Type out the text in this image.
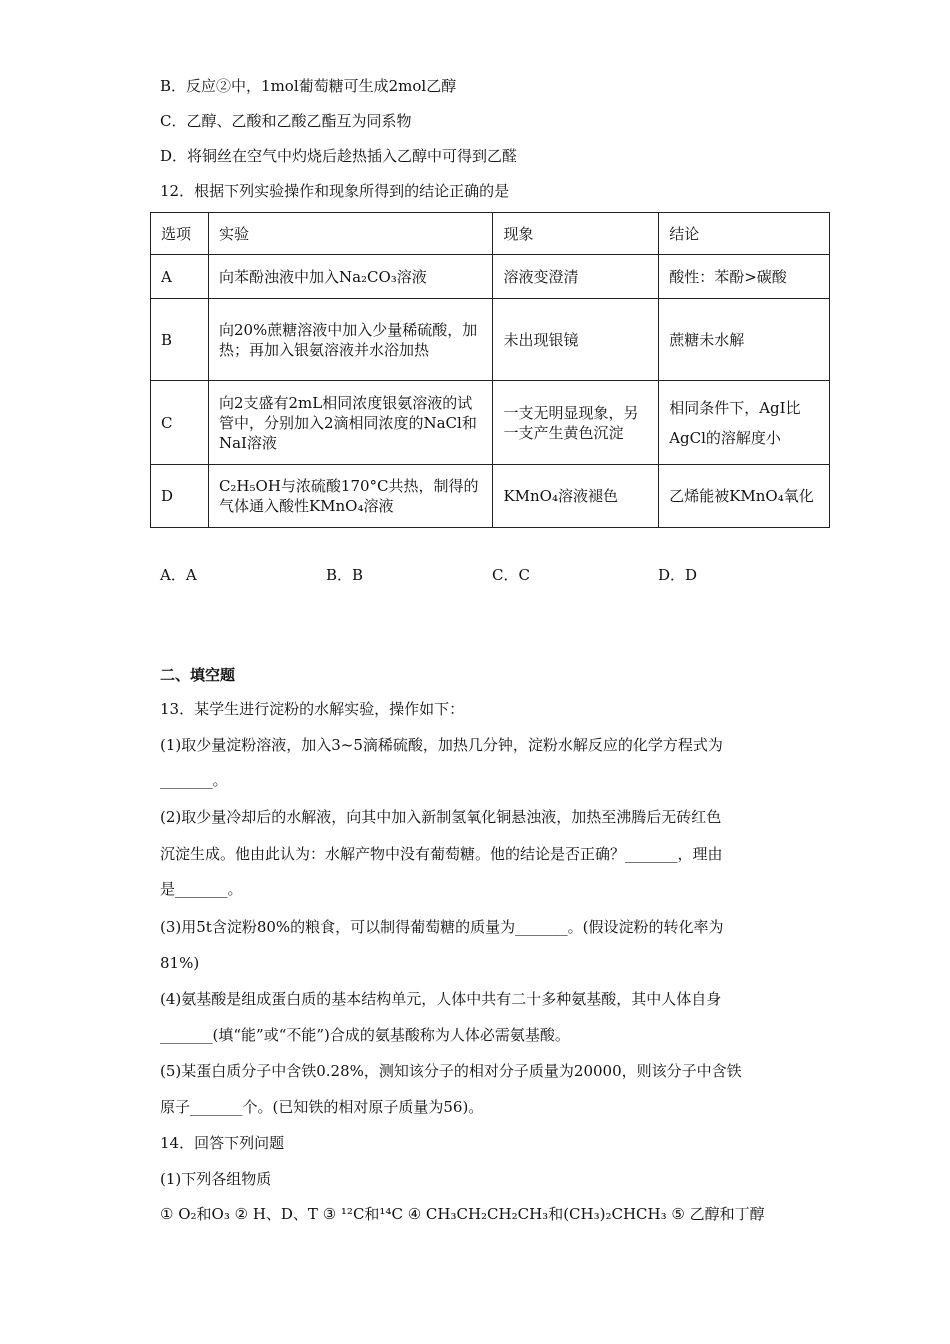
B．反应②中，1mol葡萄糖可生成2mol乙醇
C．乙醇、乙酸和乙酸乙酯互为同系物
D．将铜丝在空气中灼烧后趁热插入乙醇中可得到乙醛
12．根据下列实验操作和现象所得到的结论正确的是
选项	实验	现象	结论
A	向苯酚浊液中加入Na₂CO₃溶液	溶液变澄清	酸性：苯酚>碳酸
B	向20%蔗糖溶液中加入少量稀硫酸，加热；再加入银氨溶液并水浴加热	未出现银镜	蔗糖未水解
C	向2支盛有2mL相同浓度银氨溶液的试管中，分别加入2滴相同浓度的NaCl和NaI溶液	一支无明显现象，另一支产生黄色沉淀	相同条件下，AgI比AgCl的溶解度小
D	C₂H₅OH与浓硫酸170°C共热，制得的气体通入酸性KMnO₄溶液	KMnO₄溶液褪色	乙烯能被KMnO₄氧化
A．A	B．B	C．C	D．D
二、填空题
13．某学生进行淀粉的水解实验，操作如下：
(1)取少量淀粉溶液，加入3~5滴稀硫酸，加热几分钟，淀粉水解反应的化学方程式为
_______。
(2)取少量冷却后的水解液，向其中加入新制氢氧化铜悬浊液，加热至沸腾后无砖红色
沉淀生成。他由此认为：水解产物中没有葡萄糖。他的结论是否正确？_______，理由
是_______。
(3)用5t含淀粉80%的粮食，可以制得葡萄糖的质量为_______。(假设淀粉的转化率为
81%)
(4)氨基酸是组成蛋白质的基本结构单元，人体中共有二十多种氨基酸，其中人体自身
_______(填“能”或“不能”)合成的氨基酸称为人体必需氨基酸。
(5)某蛋白质分子中含铁0.28%，测知该分子的相对分子质量为20000，则该分子中含铁
原子_______个。(已知铁的相对原子质量为56)。
14．回答下列问题
(1)下列各组物质
① O₂和O₃ ② H、D、T ③ ¹²C和¹⁴C ④ CH₃CH₂CH₂CH₃和(CH₃)₂CHCH₃ ⑤ 乙醇和丁醇
